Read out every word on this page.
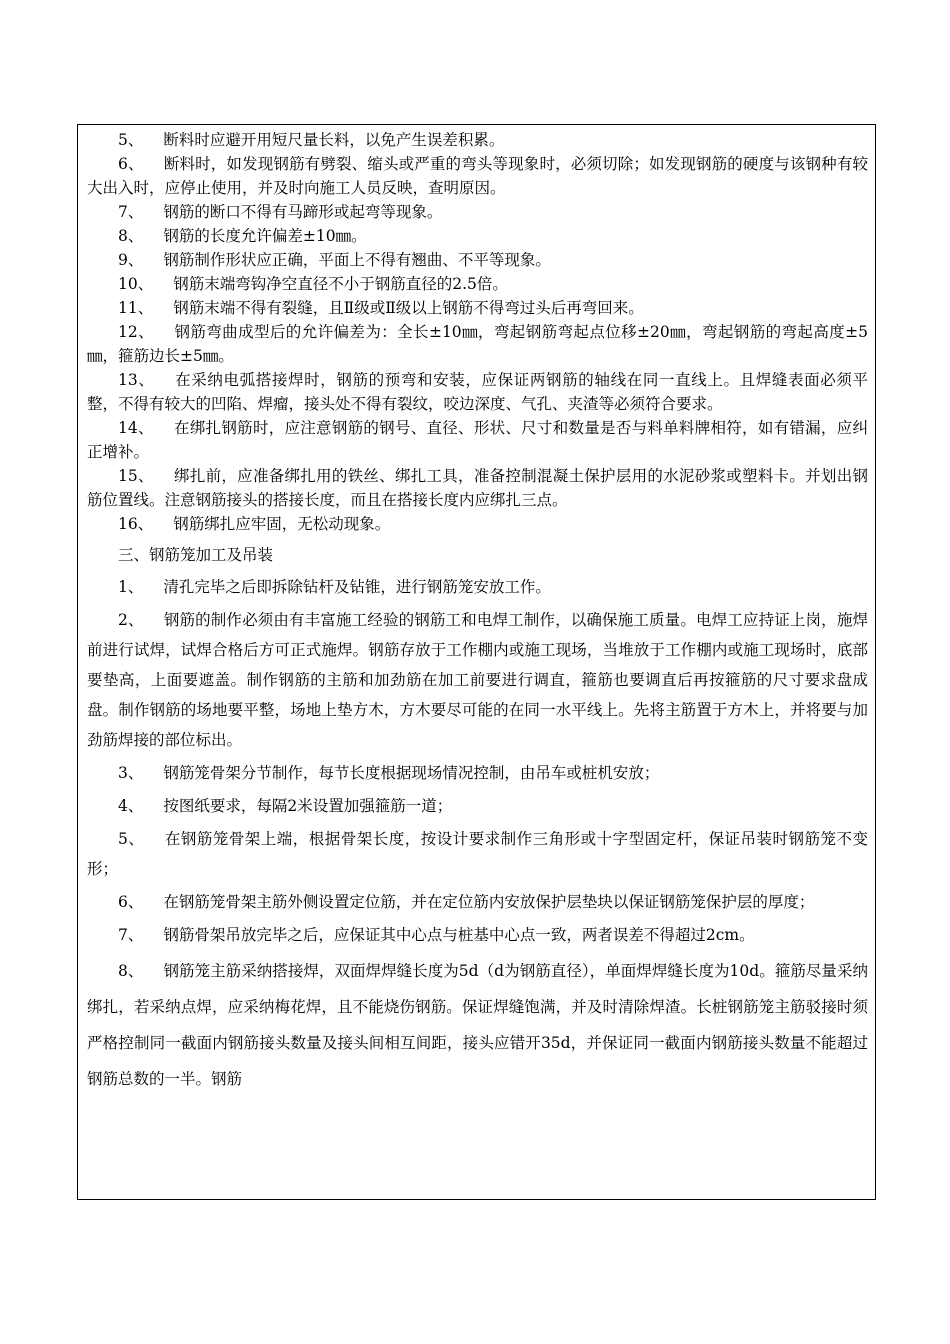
5、 断料时应避开用短尺量长料，以免产生误差积累。

6、 断料时，如发现钢筋有劈裂、缩头或严重的弯头等现象时，必须切除；如发现钢筋的硬度与该钢种有较大出入时，应停止使用，并及时向施工人员反映，查明原因。

7、 钢筋的断口不得有马蹄形或起弯等现象。

8、 钢筋的长度允许偏差±10㎜。

9、 钢筋制作形状应正确，平面上不得有翘曲、不平等现象。

10、 钢筋末端弯钩净空直径不小于钢筋直径的2.5倍。

11、 钢筋末端不得有裂缝，且Ⅱ级或Ⅱ级以上钢筋不得弯过头后再弯回来。

12、 钢筋弯曲成型后的允许偏差为：全长±10㎜，弯起钢筋弯起点位移±20㎜，弯起钢筋的弯起高度±5㎜，箍筋边长±5㎜。

13、 在采纳电弧搭接焊时，钢筋的预弯和安装，应保证两钢筋的轴线在同一直线上。且焊缝表面必须平整，不得有较大的凹陷、焊瘤，接头处不得有裂纹，咬边深度、气孔、夹渣等必须符合要求。

14、 在绑扎钢筋时，应注意钢筋的钢号、直径、形状、尺寸和数量是否与料单料牌相符，如有错漏，应纠正增补。

15、 绑扎前，应准备绑扎用的铁丝、绑扎工具，准备控制混凝土保护层用的水泥砂浆或塑料卡。并划出钢筋位置线。注意钢筋接头的搭接长度，而且在搭接长度内应绑扎三点。

16、 钢筋绑扎应牢固，无松动现象。

三、钢筋笼加工及吊装

1、 清孔完毕之后即拆除钻杆及钻锥，进行钢筋笼安放工作。

2、 钢筋的制作必须由有丰富施工经验的钢筋工和电焊工制作，以确保施工质量。电焊工应持证上岗，施焊前进行试焊，试焊合格后方可正式施焊。钢筋存放于工作棚内或施工现场，当堆放于工作棚内或施工现场时，底部要垫高，上面要遮盖。制作钢筋的主筋和加劲筋在加工前要进行调直，箍筋也要调直后再按箍筋的尺寸要求盘成盘。制作钢筋的场地要平整，场地上垫方木，方木要尽可能的在同一水平线上。先将主筋置于方木上，并将要与加劲筋焊接的部位标出。

3、 钢筋笼骨架分节制作，每节长度根据现场情况控制，由吊车或桩机安放；

4、 按图纸要求，每隔2米设置加强箍筋一道；

5、 在钢筋笼骨架上端，根据骨架长度，按设计要求制作三角形或十字型固定杆，保证吊装时钢筋笼不变形；

6、 在钢筋笼骨架主筋外侧设置定位筋，并在定位筋内安放保护层垫块以保证钢筋笼保护层的厚度；

7、 钢筋骨架吊放完毕之后，应保证其中心点与桩基中心点一致，两者误差不得超过2cm。

8、 钢筋笼主筋采纳搭接焊，双面焊焊缝长度为5d（d为钢筋直径），单面焊焊缝长度为10d。箍筋尽量采纳绑扎，若采纳点焊，应采纳梅花焊，且不能烧伤钢筋。保证焊缝饱满，并及时清除焊渣。长桩钢筋笼主筋驳接时须严格控制同一截面内钢筋接头数量及接头间相互间距，接头应错开35d，并保证同一截面内钢筋接头数量不能超过钢筋总数的一半。钢筋
